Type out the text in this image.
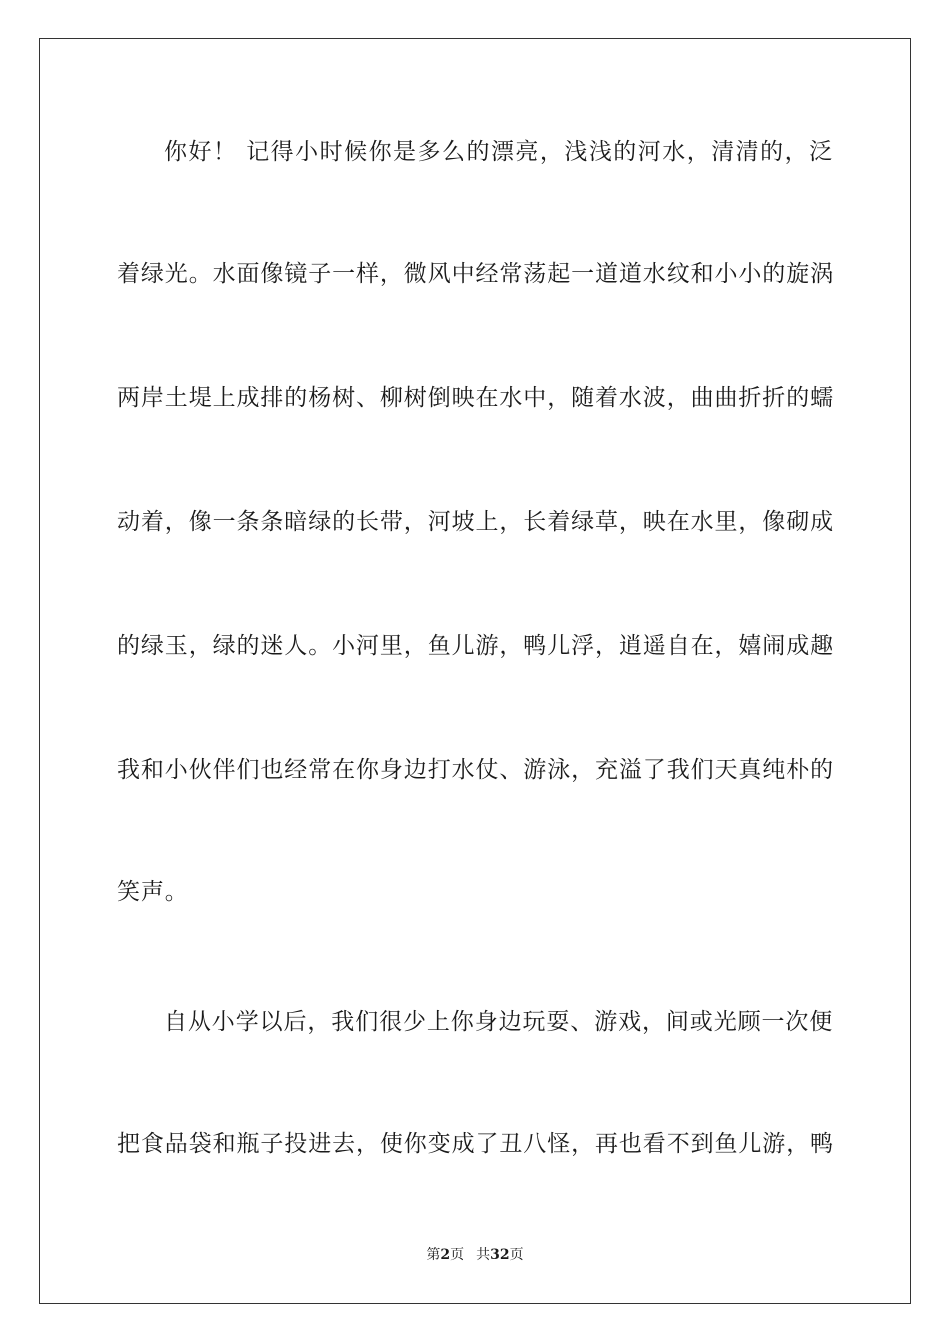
你好！ 记得小时候你是多么的漂亮，浅浅的河水，清清的，泛
着绿光。水面像镜子一样，微风中经常荡起一道道水纹和小小的旋涡
两岸土堤上成排的杨树、柳树倒映在水中，随着水波，曲曲折折的蠕
动着，像一条条暗绿的长带，河坡上，长着绿草，映在水里，像砌成
的绿玉，绿的迷人。小河里，鱼儿游，鸭儿浮，逍遥自在，嬉闹成趣
我和小伙伴们也经常在你身边打水仗、游泳，充溢了我们天真纯朴的
笑声。
自从小学以后，我们很少上你身边玩耍、游戏，间或光顾一次便
把食品袋和瓶子投进去，使你变成了丑八怪，再也看不到鱼儿游，鸭
第2页 共32页
